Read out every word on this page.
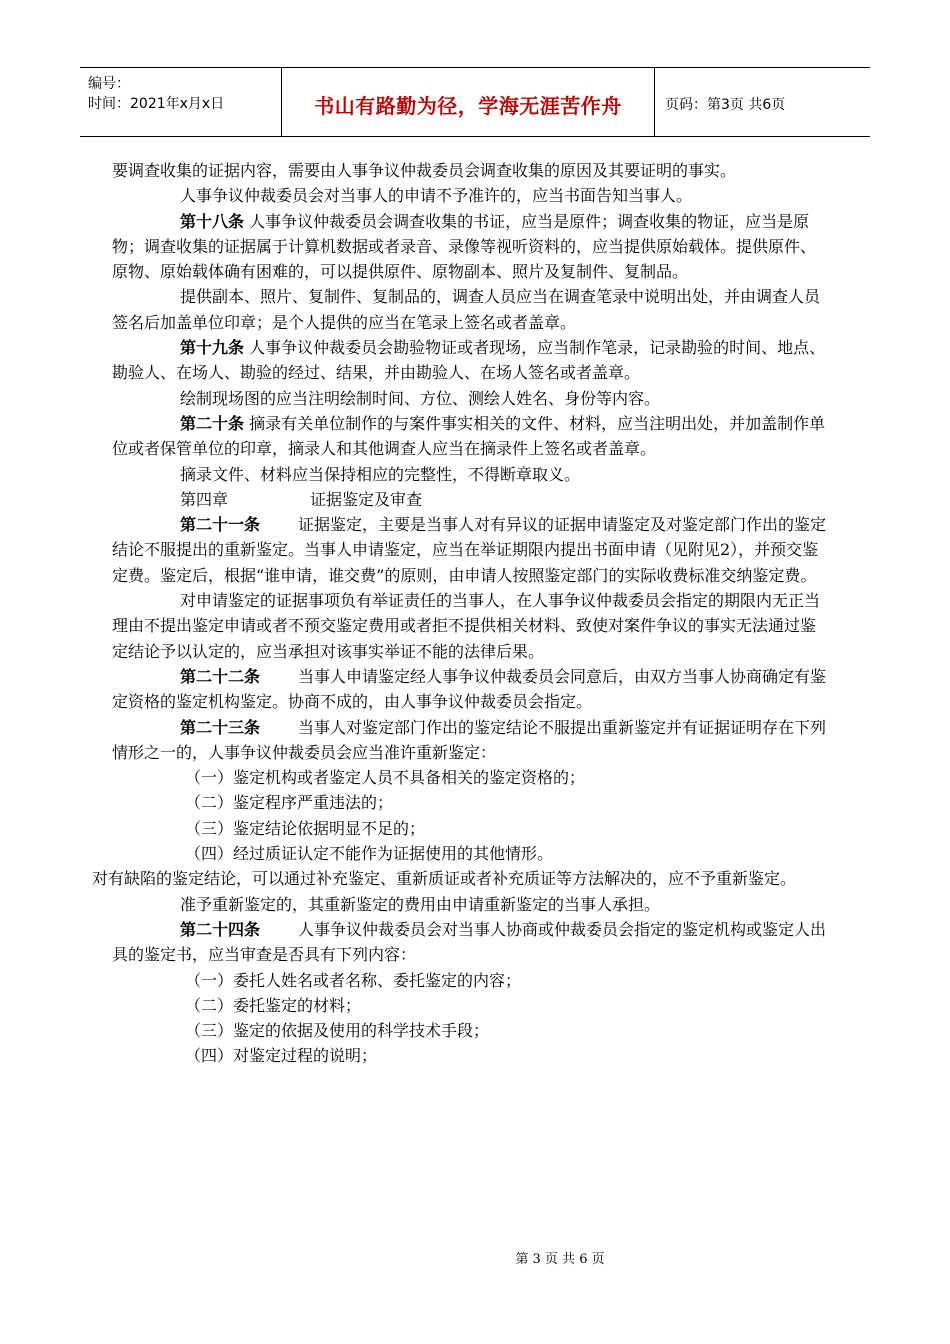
编号：
时间：2021年x月x日	书山有路勤为径，学海无涯苦作舟	页码：第3页 共6页

要调查收集的证据内容，需要由人事争议仲裁委员会调查收集的原因及其要证明的事实。

人事争议仲裁委员会对当事人的申请不予准许的，应当书面告知当事人。

第十八条 人事争议仲裁委员会调查收集的书证，应当是原件；调查收集的物证，应当是原物；调查收集的证据属于计算机数据或者录音、录像等视听资料的，应当提供原始载体。提供原件、原物、原始载体确有困难的，可以提供原件、原物副本、照片及复制件、复制品。

提供副本、照片、复制件、复制品的，调查人员应当在调查笔录中说明出处，并由调查人员签名后加盖单位印章；是个人提供的应当在笔录上签名或者盖章。

第十九条 人事争议仲裁委员会勘验物证或者现场，应当制作笔录，记录勘验的时间、地点、勘验人、在场人、勘验的经过、结果，并由勘验人、在场人签名或者盖章。

绘制现场图的应当注明绘制时间、方位、测绘人姓名、身份等内容。

第二十条 摘录有关单位制作的与案件事实相关的文件、材料，应当注明出处，并加盖制作单位或者保管单位的印章，摘录人和其他调查人应当在摘录件上签名或者盖章。

摘录文件、材料应当保持相应的完整性，不得断章取义。

第四章	证据鉴定及审查

第二十一条 证据鉴定，主要是当事人对有异议的证据申请鉴定及对鉴定部门作出的鉴定结论不服提出的重新鉴定。当事人申请鉴定，应当在举证期限内提出书面申请（见附见2），并预交鉴定费。鉴定后，根据“谁申请，谁交费”的原则，由申请人按照鉴定部门的实际收费标准交纳鉴定费。

对申请鉴定的证据事项负有举证责任的当事人，在人事争议仲裁委员会指定的期限内无正当理由不提出鉴定申请或者不预交鉴定费用或者拒不提供相关材料、致使对案件争议的事实无法通过鉴定结论予以认定的，应当承担对该事实举证不能的法律后果。

第二十二条 当事人申请鉴定经人事争议仲裁委员会同意后，由双方当事人协商确定有鉴定资格的鉴定机构鉴定。协商不成的，由人事争议仲裁委员会指定。

第二十三条 当事人对鉴定部门作出的鉴定结论不服提出重新鉴定并有证据证明存在下列情形之一的，人事争议仲裁委员会应当准许重新鉴定：

（一）鉴定机构或者鉴定人员不具备相关的鉴定资格的；

（二）鉴定程序严重违法的；

（三）鉴定结论依据明显不足的；

（四）经过质证认定不能作为证据使用的其他情形。

对有缺陷的鉴定结论，可以通过补充鉴定、重新质证或者补充质证等方法解决的，应不予重新鉴定。

准予重新鉴定的，其重新鉴定的费用由申请重新鉴定的当事人承担。

第二十四条 人事争议仲裁委员会对当事人协商或仲裁委员会指定的鉴定机构或鉴定人出具的鉴定书，应当审查是否具有下列内容：

（一）委托人姓名或者名称、委托鉴定的内容；

（二）委托鉴定的材料；

（三）鉴定的依据及使用的科学技术手段；

（四）对鉴定过程的说明；

第 3 页 共 6 页
